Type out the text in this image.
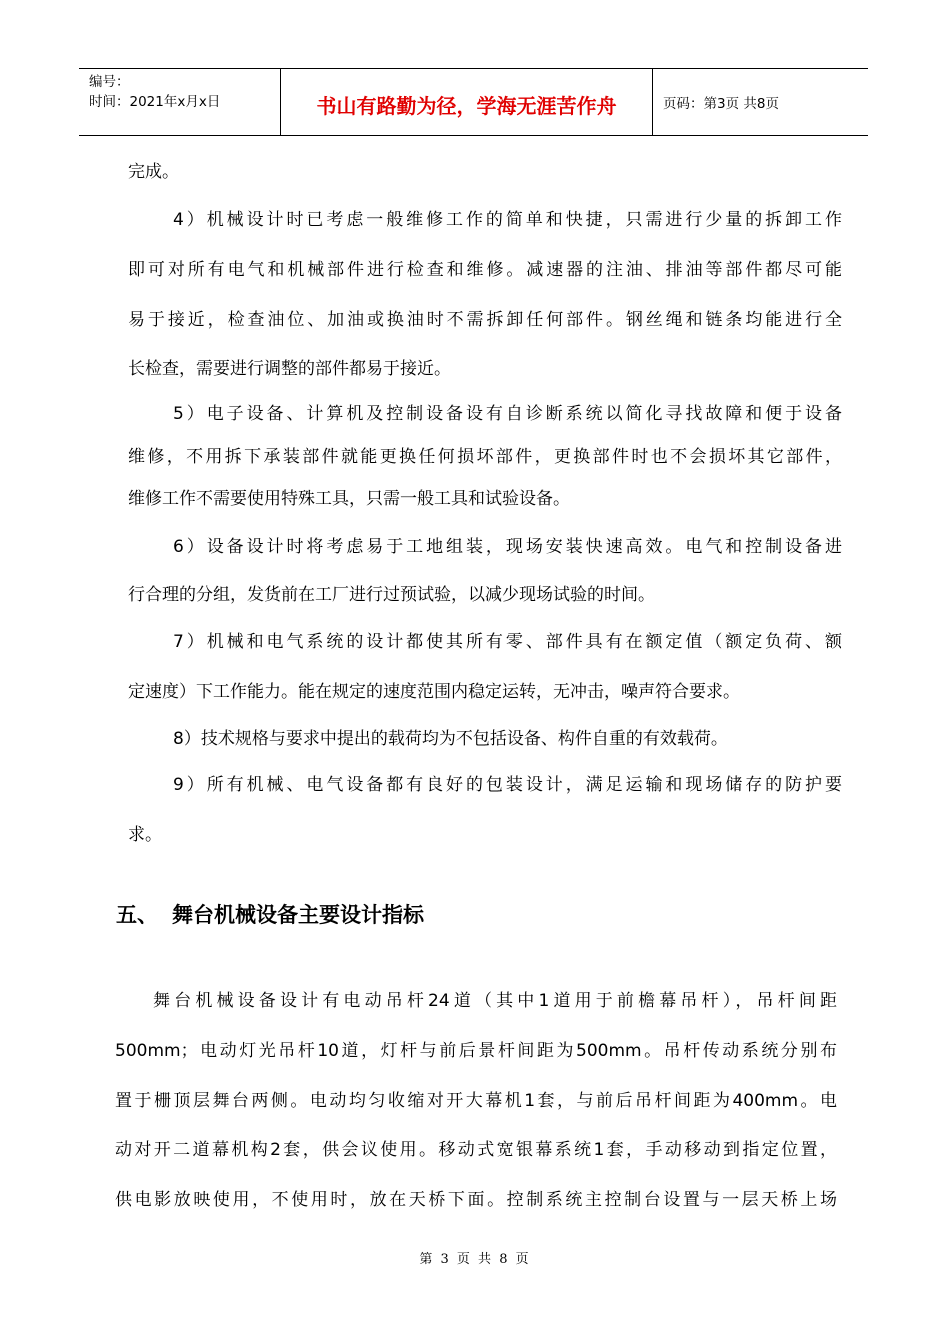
编号：
时间：2021年x月x日	书山有路勤为径，学海无涯苦作舟	页码：第3页 共8页
完成。
4）机械设计时已考虑一般维修工作的简单和快捷，只需进行少量的拆卸工作
即可对所有电气和机械部件进行检查和维修。减速器的注油、排油等部件都尽可能
易于接近，检查油位、加油或换油时不需拆卸任何部件。钢丝绳和链条均能进行全
长检查，需要进行调整的部件都易于接近。
5）电子设备、计算机及控制设备设有自诊断系统以简化寻找故障和便于设备
维修，不用拆下承装部件就能更换任何损坏部件，更换部件时也不会损坏其它部件，
维修工作不需要使用特殊工具，只需一般工具和试验设备。
6）设备设计时将考虑易于工地组装，现场安装快速高效。电气和控制设备进
行合理的分组，发货前在工厂进行过预试验，以减少现场试验的时间。
7）机械和电气系统的设计都使其所有零、部件具有在额定值（额定负荷、额
定速度）下工作能力。能在规定的速度范围内稳定运转，无冲击，噪声符合要求。
8）技术规格与要求中提出的载荷均为不包括设备、构件自重的有效载荷。
9）所有机械、电气设备都有良好的包装设计，满足运输和现场储存的防护要
求。
五、 舞台机械设备主要设计指标
舞台机械设备设计有电动吊杆24道（其中1道用于前檐幕吊杆），吊杆间距
500mm；电动灯光吊杆10道，灯杆与前后景杆间距为500mm。吊杆传动系统分别布
置于栅顶层舞台两侧。电动均匀收缩对开大幕机1套，与前后吊杆间距为400mm。电
动对开二道幕机构2套，供会议使用。移动式宽银幕系统1套，手动移动到指定位置，
供电影放映使用，不使用时，放在天桥下面。控制系统主控制台设置与一层天桥上场
第 3 页 共 8 页
